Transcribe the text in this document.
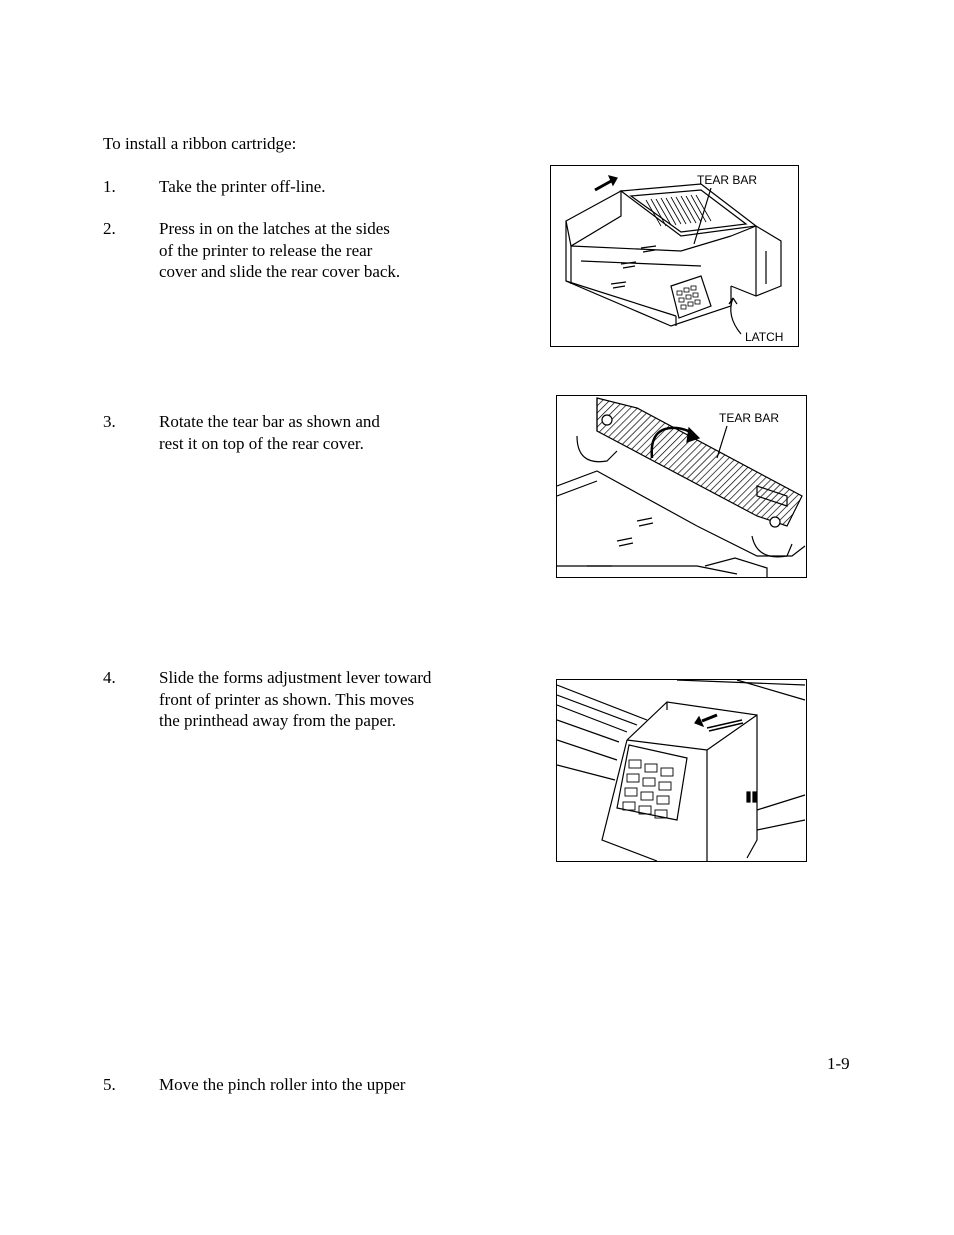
To install a ribbon cartridge:
1.	Take the printer off-line.
2.	Press in on the latches at the sides
of the printer to release the rear
cover and slide the rear cover back.
3.	Rotate the tear bar as shown and
rest it on top of the rear cover.
4.	Slide the forms adjustment lever toward
front of printer as shown. This moves
the printhead away from the paper.
1-9
5.	Move the pinch roller into the upper
TEAR BAR
LATCH
TEAR BAR
